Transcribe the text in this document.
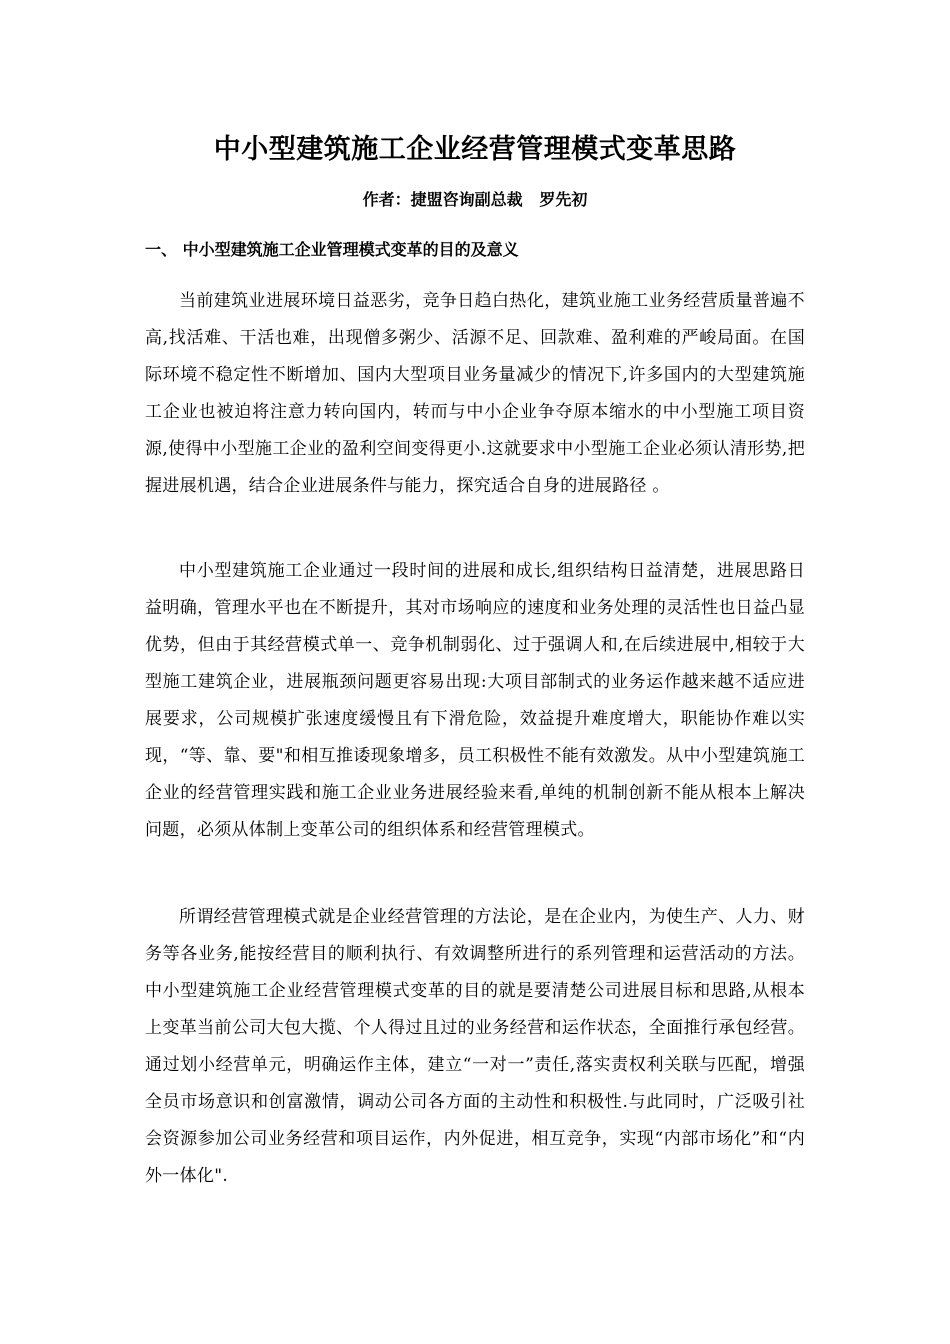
中小型建筑施工企业经营管理模式变革思路

作者：捷盟咨询副总裁   罗先初

一、 中小型建筑施工企业管理模式变革的目的及意义

当前建筑业进展环境日益恶劣，竞争日趋白热化，建筑业施工业务经营质量普遍不高,找活难、干活也难，出现僧多粥少、活源不足、回款难、盈利难的严峻局面。在国际环境不稳定性不断增加、国内大型项目业务量减少的情况下,许多国内的大型建筑施工企业也被迫将注意力转向国内，转而与中小企业争夺原本缩水的中小型施工项目资源,使得中小型施工企业的盈利空间变得更小.这就要求中小型施工企业必须认清形势,把握进展机遇，结合企业进展条件与能力，探究适合自身的进展路径 。

中小型建筑施工企业通过一段时间的进展和成长,组织结构日益清楚，进展思路日益明确，管理水平也在不断提升，其对市场响应的速度和业务处理的灵活性也日益凸显优势，但由于其经营模式单一、竞争机制弱化、过于强调人和,在后续进展中,相较于大型施工建筑企业，进展瓶颈问题更容易出现:大项目部制式的业务运作越来越不适应进展要求，公司规模扩张速度缓慢且有下滑危险，效益提升难度增大，职能协作难以实现，“等、靠、要"和相互推诿现象增多，员工积极性不能有效激发。从中小型建筑施工企业的经营管理实践和施工企业业务进展经验来看,单纯的机制创新不能从根本上解决问题，必须从体制上变革公司的组织体系和经营管理模式。

所谓经营管理模式就是企业经营管理的方法论，是在企业内，为使生产、人力、财务等各业务,能按经营目的顺利执行、有效调整所进行的系列管理和运营活动的方法。中小型建筑施工企业经营管理模式变革的目的就是要清楚公司进展目标和思路,从根本上变革当前公司大包大揽、个人得过且过的业务经营和运作状态，全面推行承包经营。通过划小经营单元，明确运作主体，建立“一对一”责任,落实责权利关联与匹配，增强全员市场意识和创富激情，调动公司各方面的主动性和积极性.与此同时，广泛吸引社会资源参加公司业务经营和项目运作，内外促进，相互竞争，实现“内部市场化”和“内外一体化".
